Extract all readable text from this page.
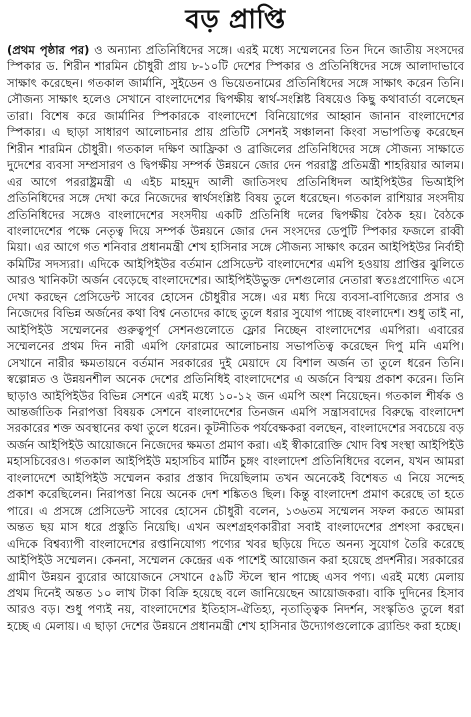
বড় প্রাপ্তি
(প্রথম পৃষ্ঠার পর) ও অন্যান্য প্রতিনিধিদের সঙ্গে। এরই মধ্যে সম্মেলনের তিন দিনে জাতীয় সংসদের স্পিকার ড. শিরীন শারমিন চৌধুরী প্রায় ৮-১০টি দেশের স্পিকার ও প্রতিনিধিদের সঙ্গে আলাদাভাবে সাক্ষাৎ করেছেন। গতকাল জার্মানি, সুইডেন ও ভিয়েতনামের প্রতিনিধিদের সঙ্গে সাক্ষাৎ করেন তিনি। সৌজন্য সাক্ষাৎ হলেও সেখানে বাংলাদেশের দ্বিপক্ষীয় স্বার্থ-সংশ্লিষ্ট বিষয়েও কিছু কথাবার্তা বলেছেন তারা। বিশেষ করে জার্মানির স্পিকারকে বাংলাদেশে বিনিয়োগের আহ্বান জানান বাংলাদেশের স্পিকার। এ ছাড়া সাধারণ আলোচনার প্রায় প্রতিটি সেশনই সঞ্চালনা কিংবা সভাপতিত্ব করেছেন শিরীন শারমিন চৌধুরী। গতকাল দক্ষিণ আফ্রিকা ও ব্রাজিলের প্রতিনিধিদের সঙ্গে সৌজন্য সাক্ষাতে দুদেশের ব্যবসা সম্প্রসারণ ও দ্বিপক্ষীয় সম্পর্ক উন্নয়নে জোর দেন পররাষ্ট্র প্রতিমন্ত্রী শাহরিয়ার আলম। এর আগে পররাষ্ট্রমন্ত্রী এ এইচ মাহমুদ আলী জাতিসংঘ প্রতিনিধিদল আইপিইউর ভিআইপি প্রতিনিধিদের সঙ্গে দেখা করে নিজেদের স্বার্থসংশ্লিষ্ট বিষয় তুলে ধরেছেন। গতকাল রাশিয়ার সংসদীয় প্রতিনিধিদের সঙ্গেও বাংলাদেশের সংসদীয় একটি প্রতিনিধি দলের দ্বিপক্ষীয় বৈঠক হয়। বৈঠকে বাংলাদেশের পক্ষে নেতৃত্ব দিয়ে সম্পর্ক উন্নয়নে জোর দেন সংসদের ডেপুটি স্পিকার ফজলে রাব্বী মিয়া। এর আগে গত শনিবার প্রধানমন্ত্রী শেখ হাসিনার সঙ্গে সৌজন্য সাক্ষাৎ করেন আইপিইউর নির্বাহী কমিটির সদস্যরা। এদিকে আইপিইউর বর্তমান প্রেসিডেন্ট বাংলাদেশের এমপি হওয়ায় প্রাপ্তির ঝুলিতে আরও খানিকটা অর্জন বেড়েছে বাংলাদেশের। আইপিইউভুক্ত দেশগুলোর নেতারা স্বতঃপ্রণোদিত এসে দেখা করছেন প্রেসিডেন্ট সাবের হোসেন চৌধুরীর সঙ্গে। এর মধ্য দিয়ে ব্যবসা-বাণিজ্যের প্রসার ও নিজেদের বিভিন্ন অর্জনের কথা বিশ্ব নেতাদের কাছে তুলে ধরার সুযোগ পাচ্ছে বাংলাদেশ। শুধু তাই না, আইপিইউ সম্মেলনের গুরুত্বপূর্ণ সেশনগুলোতে ফ্লোর নিচ্ছেন বাংলাদেশের এমপিরা। এবারের সম্মেলনের প্রথম দিন নারী এমপি ফোরামের আলোচনায় সভাপতিত্ব করেছেন দিপু মনি এমপি। সেখানে নারীর ক্ষমতায়নে বর্তমান সরকারের দুই মেয়াদে যে বিশাল অর্জন তা তুলে ধরেন তিনি। স্বল্পোন্নত ও উন্নয়নশীল অনেক দেশের প্রতিনিধিই বাংলাদেশের এ অর্জনে বিস্ময় প্রকাশ করেন। তিনি ছাড়াও আইপিইউর বিভিন্ন সেশনে এরই মধ্যে ১০-১২ জন এমপি অংশ নিয়েছেন। গতকাল শীর্ষক ও আন্তর্জাতিক নিরাপত্তা বিষয়ক সেশনে বাংলাদেশের তিনজন এমপি সন্ত্রাসবাদের বিরুদ্ধে বাংলাদেশ সরকারের শক্ত অবস্থানের কথা তুলে ধরেন। কূটনীতিক পর্যবেক্ষকরা বলছেন, বাংলাদেশের সবচেয়ে বড় অর্জন আইপিইউ আয়োজনে নিজেদের ক্ষমতা প্রমাণ করা। এই স্বীকারোক্তি খোদ বিশ্ব সংস্থা আইপিইউ মহাসচিবেরও। গতকাল আইপিইউ মহাসচিব মার্টিন চুঙ্গং বাংলাদেশ প্রতিনিধিদের বলেন, যখন আমরা বাংলাদেশে আইপিইউ সম্মেলন করার প্রস্তাব দিয়েছিলাম তখন অনেকেই বিশেষত এ নিয়ে সন্দেহ প্রকাশ করেছিলেন। নিরাপত্তা নিয়ে অনেক দেশ শঙ্কিতও ছিল। কিন্তু বাংলাদেশ প্রমাণ করেছে তা হতে পারে। এ প্রসঙ্গে প্রেসিডেন্ট সাবের হোসেন চৌধুরী বলেন, ১৩৬তম সম্মেলন সফল করতে আমরা অন্তত ছয় মাস ধরে প্রস্তুতি নিয়েছি। এখন অংশগ্রহণকারীরা সবাই বাংলাদেশের প্রশংসা করছেন। এদিকে বিশ্বব্যাপী বাংলাদেশের রপ্তানিযোগ্য পণ্যের খবর ছড়িয়ে দিতে অনন্য সুযোগ তৈরি করেছে আইপিইউ সম্মেলন। কেননা, সম্মেলন কেন্দ্রের এক পাশেই আয়োজন করা হয়েছে প্রদর্শনীর। সরকারের গ্রামীণ উন্নয়ন ব্যুরোর আয়োজনে সেখানে ৫৯টি স্টলে স্থান পাচ্ছে এসব পণ্য। এরই মধ্যে মেলায় প্রথম দিনেই অন্তত ১০ লাখ টাকা বিক্রি হয়েছে বলে জানিয়েছেন আয়োজকরা। বাকি দুদিনের হিসাব আরও বড়। শুধু পণ্যই নয়, বাংলাদেশের ইতিহাস-ঐতিহ্য, নৃতাত্ত্বিক নিদর্শন, সংস্কৃতিও তুলে ধরা হচ্ছে এ মেলায়। এ ছাড়া দেশের উন্নয়নে প্রধানমন্ত্রী শেখ হাসিনার উদ্যোগগুলোকে ব্র্যান্ডিং করা হচ্ছে।
